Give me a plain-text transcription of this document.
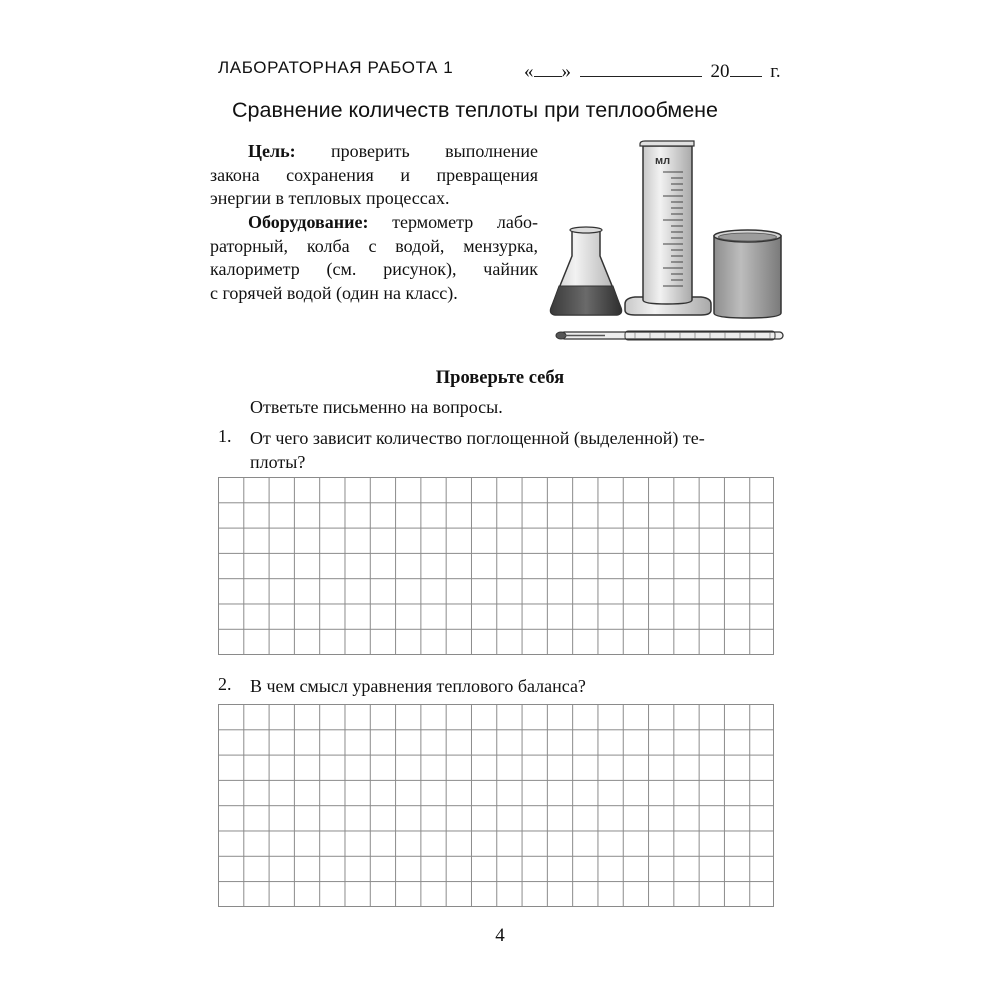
ЛАБОРАТОРНАЯ РАБОТА 1	« »	20 г.
Сравнение количеств теплоты при теплообмене

Цель: проверить выполнение

закона сохранения и превращения

энергии в тепловых процессах.

Оборудование: термометр лабо-

раторный, колба с водой, мензурка,

калориметр (см. рисунок), чайник

с горячей водой (один на класс).

мл
Проверьте себя
Ответьте письменно на вопросы.
1. От чего зависит количество поглощенной (выделенной) те-
плоты?
2. В чем смысл уравнения теплового баланса?
4
